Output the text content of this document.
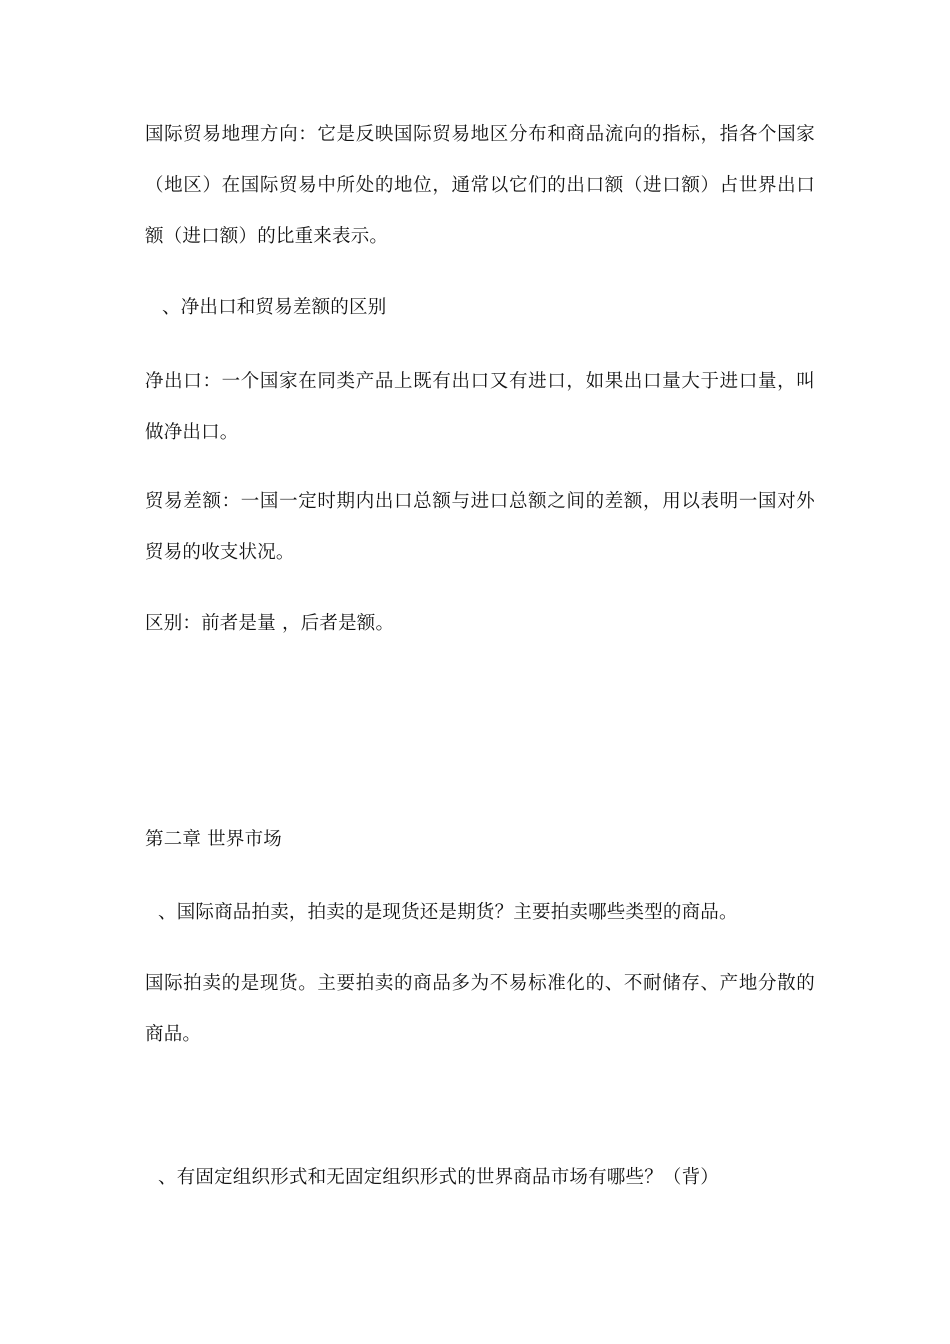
国际贸易地理方向：它是反映国际贸易地区分布和商品流向的指标，指各个国家
（地区）在国际贸易中所处的地位，通常以它们的出口额（进口额）占世界出口
额（进口额）的比重来表示。
、净出口和贸易差额的区别
净出口：一个国家在同类产品上既有出口又有进口，如果出口量大于进口量，叫
做净出口。
贸易差额：一国一定时期内出口总额与进口总额之间的差额，用以表明一国对外
贸易的收支状况。
区别：前者是量 ，后者是额。
第二章 世界市场
、国际商品拍卖，拍卖的是现货还是期货？主要拍卖哪些类型的商品。
国际拍卖的是现货。主要拍卖的商品多为不易标准化的、不耐储存、产地分散的
商品。
、有固定组织形式和无固定组织形式的世界商品市场有哪些？（背）
